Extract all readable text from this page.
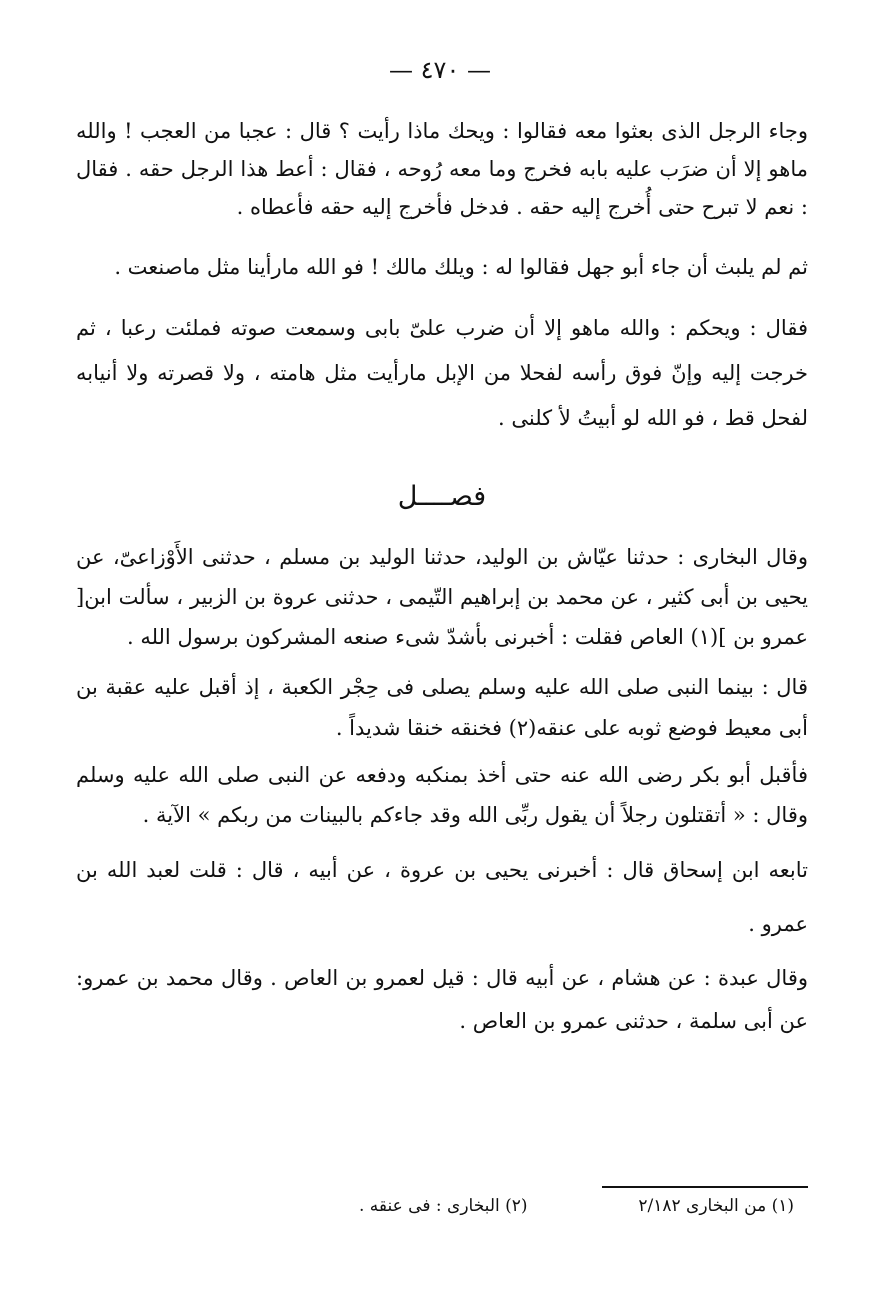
— ٤٧٠ —

وجاء الرجل الذى بعثوا معه فقالوا : ويحك ماذا رأيت ؟ قال : عجبا من العجب ! والله ماهو إلا أن ضرَب عليه بابه فخرج وما معه رُوحه ، فقال : أعط هذا الرجل حقه . فقال : نعم لا تبرح حتى أُخرج إليه حقه . فدخل فأخرج إليه حقه فأعطاه .

ثم لم يلبث أن جاء أبو جهل فقالوا له : ويلك مالك ! فو الله مارأينا مثل ماصنعت .

فقال : ويحكم : والله ماهو إلا أن ضرب علىّ بابى وسمعت صوته فملئت رعبا ، ثم خرجت إليه وإنّ فوق رأسه لفحلا من الإبل مارأيت مثل هامته ، ولا قصرته ولا أنيابه لفحل قط ، فو الله لو أبيتُ لأ كلنى .

فصــــل

وقال البخارى : حدثنا عيّاش بن الوليد، حدثنا الوليد بن مسلم ، حدثنى الأَوْزاعىّ، عن يحيى بن أبى كثير ، عن محمد بن إبراهيم التّيمى ، حدثنى عروة بن الزبير ، سألت ابن[ عمرو بن ](١) العاص فقلت : أخبرنى بأشدّ شىء صنعه المشركون برسول الله .

قال : بينما النبى صلى الله عليه وسلم يصلى فى حِجْر الكعبة ، إذ أقبل عليه عقبة بن أبى معيط فوضع ثوبه على عنقه(٢) فخنقه خنقا شديداً .

فأقبل أبو بكر رضى الله عنه حتى أخذ بمنكبه ودفعه عن النبى صلى الله عليه وسلم وقال : « أتقتلون رجلاً أن يقول ربِّى الله وقد جاءكم بالبينات من ربكم » الآية .

تابعه ابن إسحاق قال : أخبرنى يحيى بن عروة ، عن أبيه ، قال : قلت لعبد الله بن عمرو .

وقال عبدة : عن هشام ، عن أبيه قال : قيل لعمرو بن العاص . وقال محمد بن عمرو: عن أبى سلمة ، حدثنى عمرو بن العاص .

(١) من البخارى ٢/١٨٢  (٢) البخارى : فى عنقه .
